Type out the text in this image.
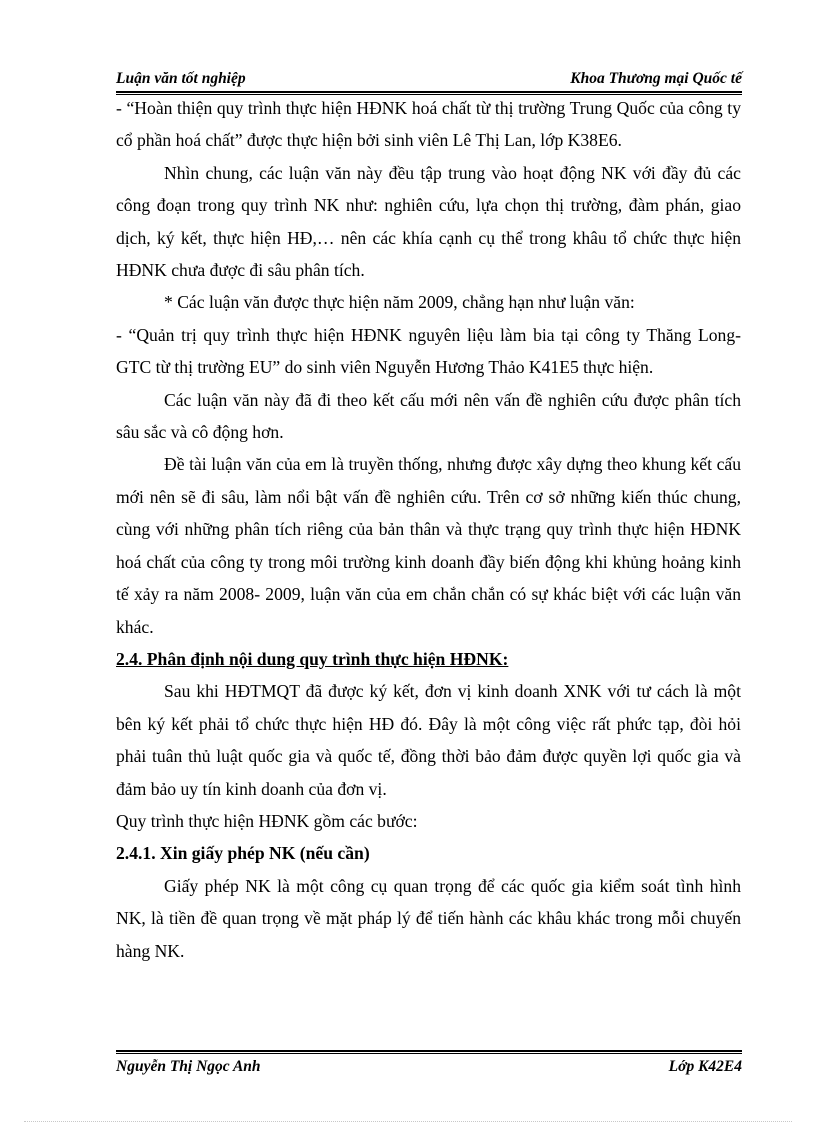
Luận văn tốt nghiệp	Khoa Thương mại Quốc tế

- “Hoàn thiện quy trình thực hiện HĐNK hoá chất từ thị trường Trung Quốc của công ty cổ phần hoá chất” được thực hiện bởi sinh viên Lê Thị Lan, lớp K38E6.

Nhìn chung, các luận văn này đều tập trung vào hoạt động NK với đầy đủ các công đoạn trong quy trình NK như: nghiên cứu, lựa chọn thị trường, đàm phán, giao dịch, ký kết, thực hiện HĐ,… nên các khía cạnh cụ thể trong khâu tổ chức thực hiện HĐNK chưa được đi sâu phân tích.

* Các luận văn được thực hiện năm 2009, chẳng hạn như luận văn:

- “Quản trị quy trình thực hiện HĐNK nguyên liệu làm bia tại công ty Thăng Long- GTC từ thị trường EU” do sinh viên Nguyễn Hương Thảo K41E5 thực hiện.

Các luận văn này đã đi theo kết cấu mới nên vấn đề nghiên cứu được phân tích sâu sắc và cô động hơn.

Đề tài luận văn của em là truyền thống, nhưng được xây dựng theo khung kết cấu mới nên sẽ đi sâu, làm nổi bật vấn đề nghiên cứu. Trên cơ sở những kiến thúc chung, cùng với những phân tích riêng của bản thân và thực trạng quy trình thực hiện HĐNK hoá chất của công ty trong môi trường kinh doanh đầy biến động khi khủng hoảng kinh tế xảy ra năm 2008- 2009, luận văn của em chắn chắn có sự khác biệt với các luận văn khác.

2.4. Phân định nội dung quy trình thực hiện HĐNK:

Sau khi HĐTMQT đã được ký kết, đơn vị kinh doanh XNK với tư cách là một bên ký kết phải tổ chức thực hiện HĐ đó. Đây là một công việc rất phức tạp, đòi hỏi phải tuân thủ luật quốc gia và quốc tế, đồng thời bảo đảm được quyền lợi quốc gia và đảm bảo uy tín kinh doanh của đơn vị.

Quy trình thực hiện HĐNK gồm các bước:

2.4.1. Xin giấy phép NK (nếu cần)

Giấy phép NK là một công cụ quan trọng để các quốc gia kiểm soát tình hình NK, là tiền đề quan trọng về mặt pháp lý để tiến hành các khâu khác trong mỗi chuyến hàng NK.

Nguyễn Thị Ngọc Anh	Lớp K42E4
